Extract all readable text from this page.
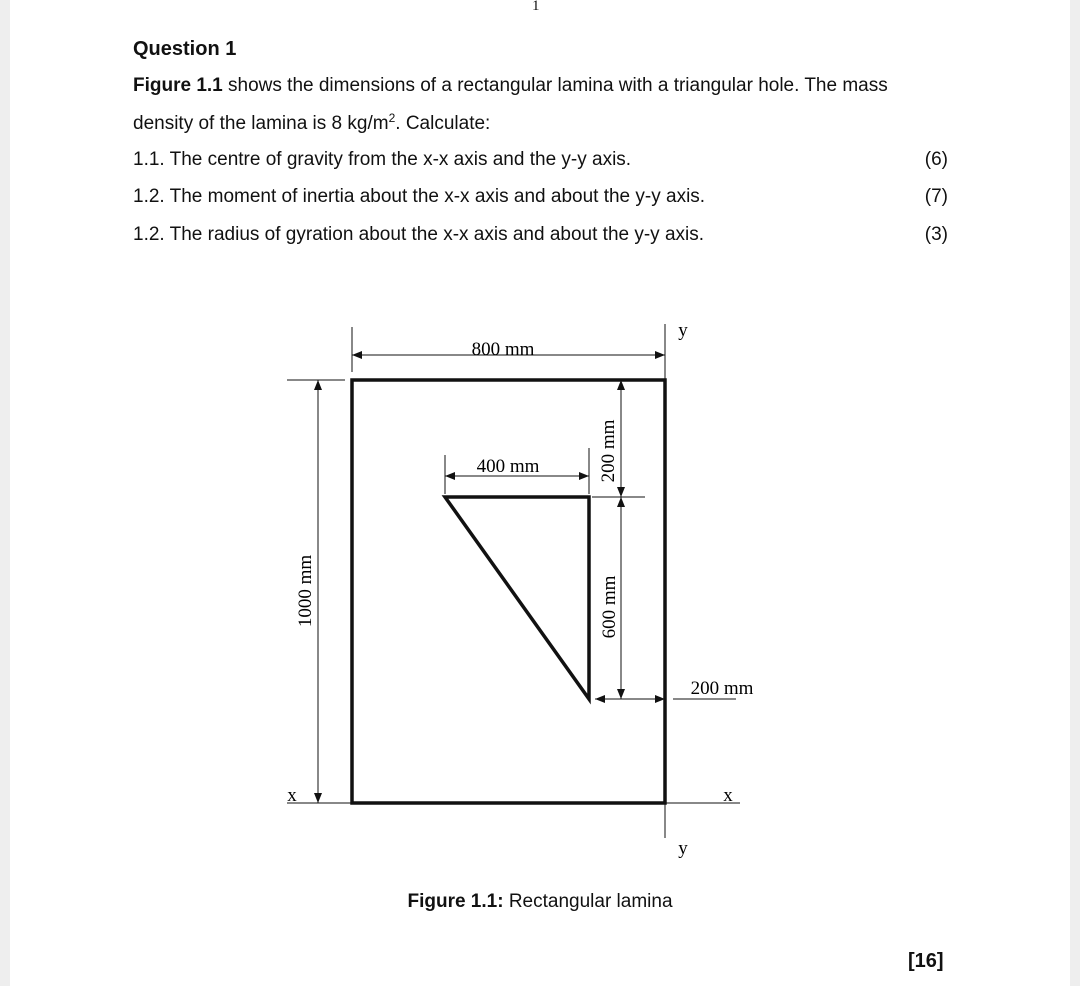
1
Question 1
Figure 1.1 shows the dimensions of a rectangular lamina with a triangular hole. The mass density of the lamina is 8 $kg/m^2$. Calculate:
1.1. The centre of gravity from the x-x axis and the y-y axis.	(6)
1.2. The moment of inertia about the x-x axis and about the y-y axis.	(7)
1.2. The radius of gyration about the x-x axis and about the y-y axis.	(3)
800 mm
1000 mm
400 mm	200 mm
600 mm
200 mm
y
y
x	x
Figure 1.1: Rectangular lamina
[16]
